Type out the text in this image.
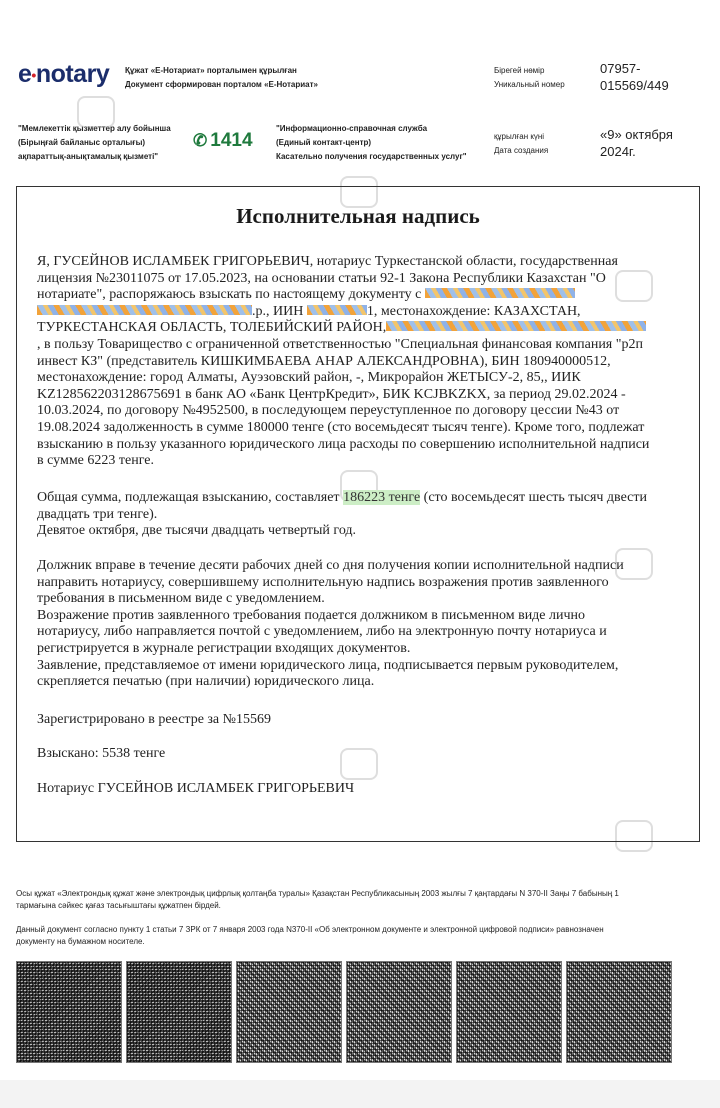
e•notary Құжат «Е-Нотариат» порталымен құрылған
Документ сформирован порталом «Е-Нотариат»
Бірегей нөмір
Уникальный номер
07957-
015569/449
"Мемлекеттік қызметтер алу бойынша
(Бірыңғай байланыс орталығы)
ақпараттық-анықтамалық қызметі"
✆ 1414
"Информационно-справочная служба
(Единый контакт-центр)
Касательно получения государственных услуг"
құрылған күні
Дата создания
«9» октября
2024г.
Исполнительная надпись

Я, ГУСЕЙНОВ ИСЛАМБЕК ГРИГОРЬЕВИЧ, нотариус Туркестанской области, государственная

лицензия №23011075 от 17.05.2023, на основании статьи 92-1 Закона Республики Казахстан "О

нотариате", распоряжаюсь взыскать по настоящему документу с

.р., ИИН	1, местонахождение: КАЗАХСТАН,

ТУРКЕСТАНСКАЯ ОБЛАСТЬ, ТОЛЕБИЙСКИЙ РАЙОН,

, в пользу Товарищество с ограниченной ответственностью "Специальная финансовая компания "р2п

инвест КЗ" (представитель КИШКИМБАЕВА АНАР АЛЕКСАНДРОВНА), БИН 180940000512,

местонахождение: город Алматы, Ауэзовский район, -, Микрорайон ЖЕТЫСУ-2, 85,, ИИК

KZ128562203128675691 в банк АО «Банк ЦентрКредит», БИК KCJBKZKX, за период 29.02.2024 -

10.03.2024, по договору №4952500, в последующем переуступленное по договору цессии №43 от

19.08.2024 задолженность в сумме 180000 тенге (сто восемьдесят тысяч тенге). Кроме того, подлежат

взысканию в пользу указанного юридического лица расходы по совершению исполнительной надписи

в сумме 6223 тенге.

Общая сумма, подлежащая взысканию, составляет 186223 тенге (сто восемьдесят шесть тысяч двести

двадцать три тенге).

Девятое октября, две тысячи двадцать четвертый год.

Должник вправе в течение десяти рабочих дней со дня получения копии исполнительной надписи

направить нотариусу, совершившему исполнительную надпись возражения против заявленного

требования в письменном виде с уведомлением.

Возражение против заявленного требования подается должником в письменном виде лично

нотариусу, либо направляется почтой с уведомлением, либо на электронную почту нотариуса и

регистрируется в журнале регистрации входящих документов.

Заявление, представляемое от имени юридического лица, подписывается первым руководителем,

скрепляется печатью (при наличии) юридического лица.

Зарегистрировано в реестре за №15569
Взыскано: 5538 тенге
Нотариус ГУСЕЙНОВ ИСЛАМБЕК ГРИГОРЬЕВИЧ
Осы құжат «Электрондық құжат және электрондық цифрлық қолтаңба туралы» Қазақстан Республикасының 2003 жылғы 7 қаңтардағы N 370-II Заңы 7 бабының 1
тармағына сәйкес қағаз тасығыштағы құжатпен бірдей.
Данный документ согласно пункту 1 статьи 7 ЗРК от 7 января 2003 года N370-II «Об электронном документе и электронной цифровой подписи» равнозначен
документу на бумажном носителе.
